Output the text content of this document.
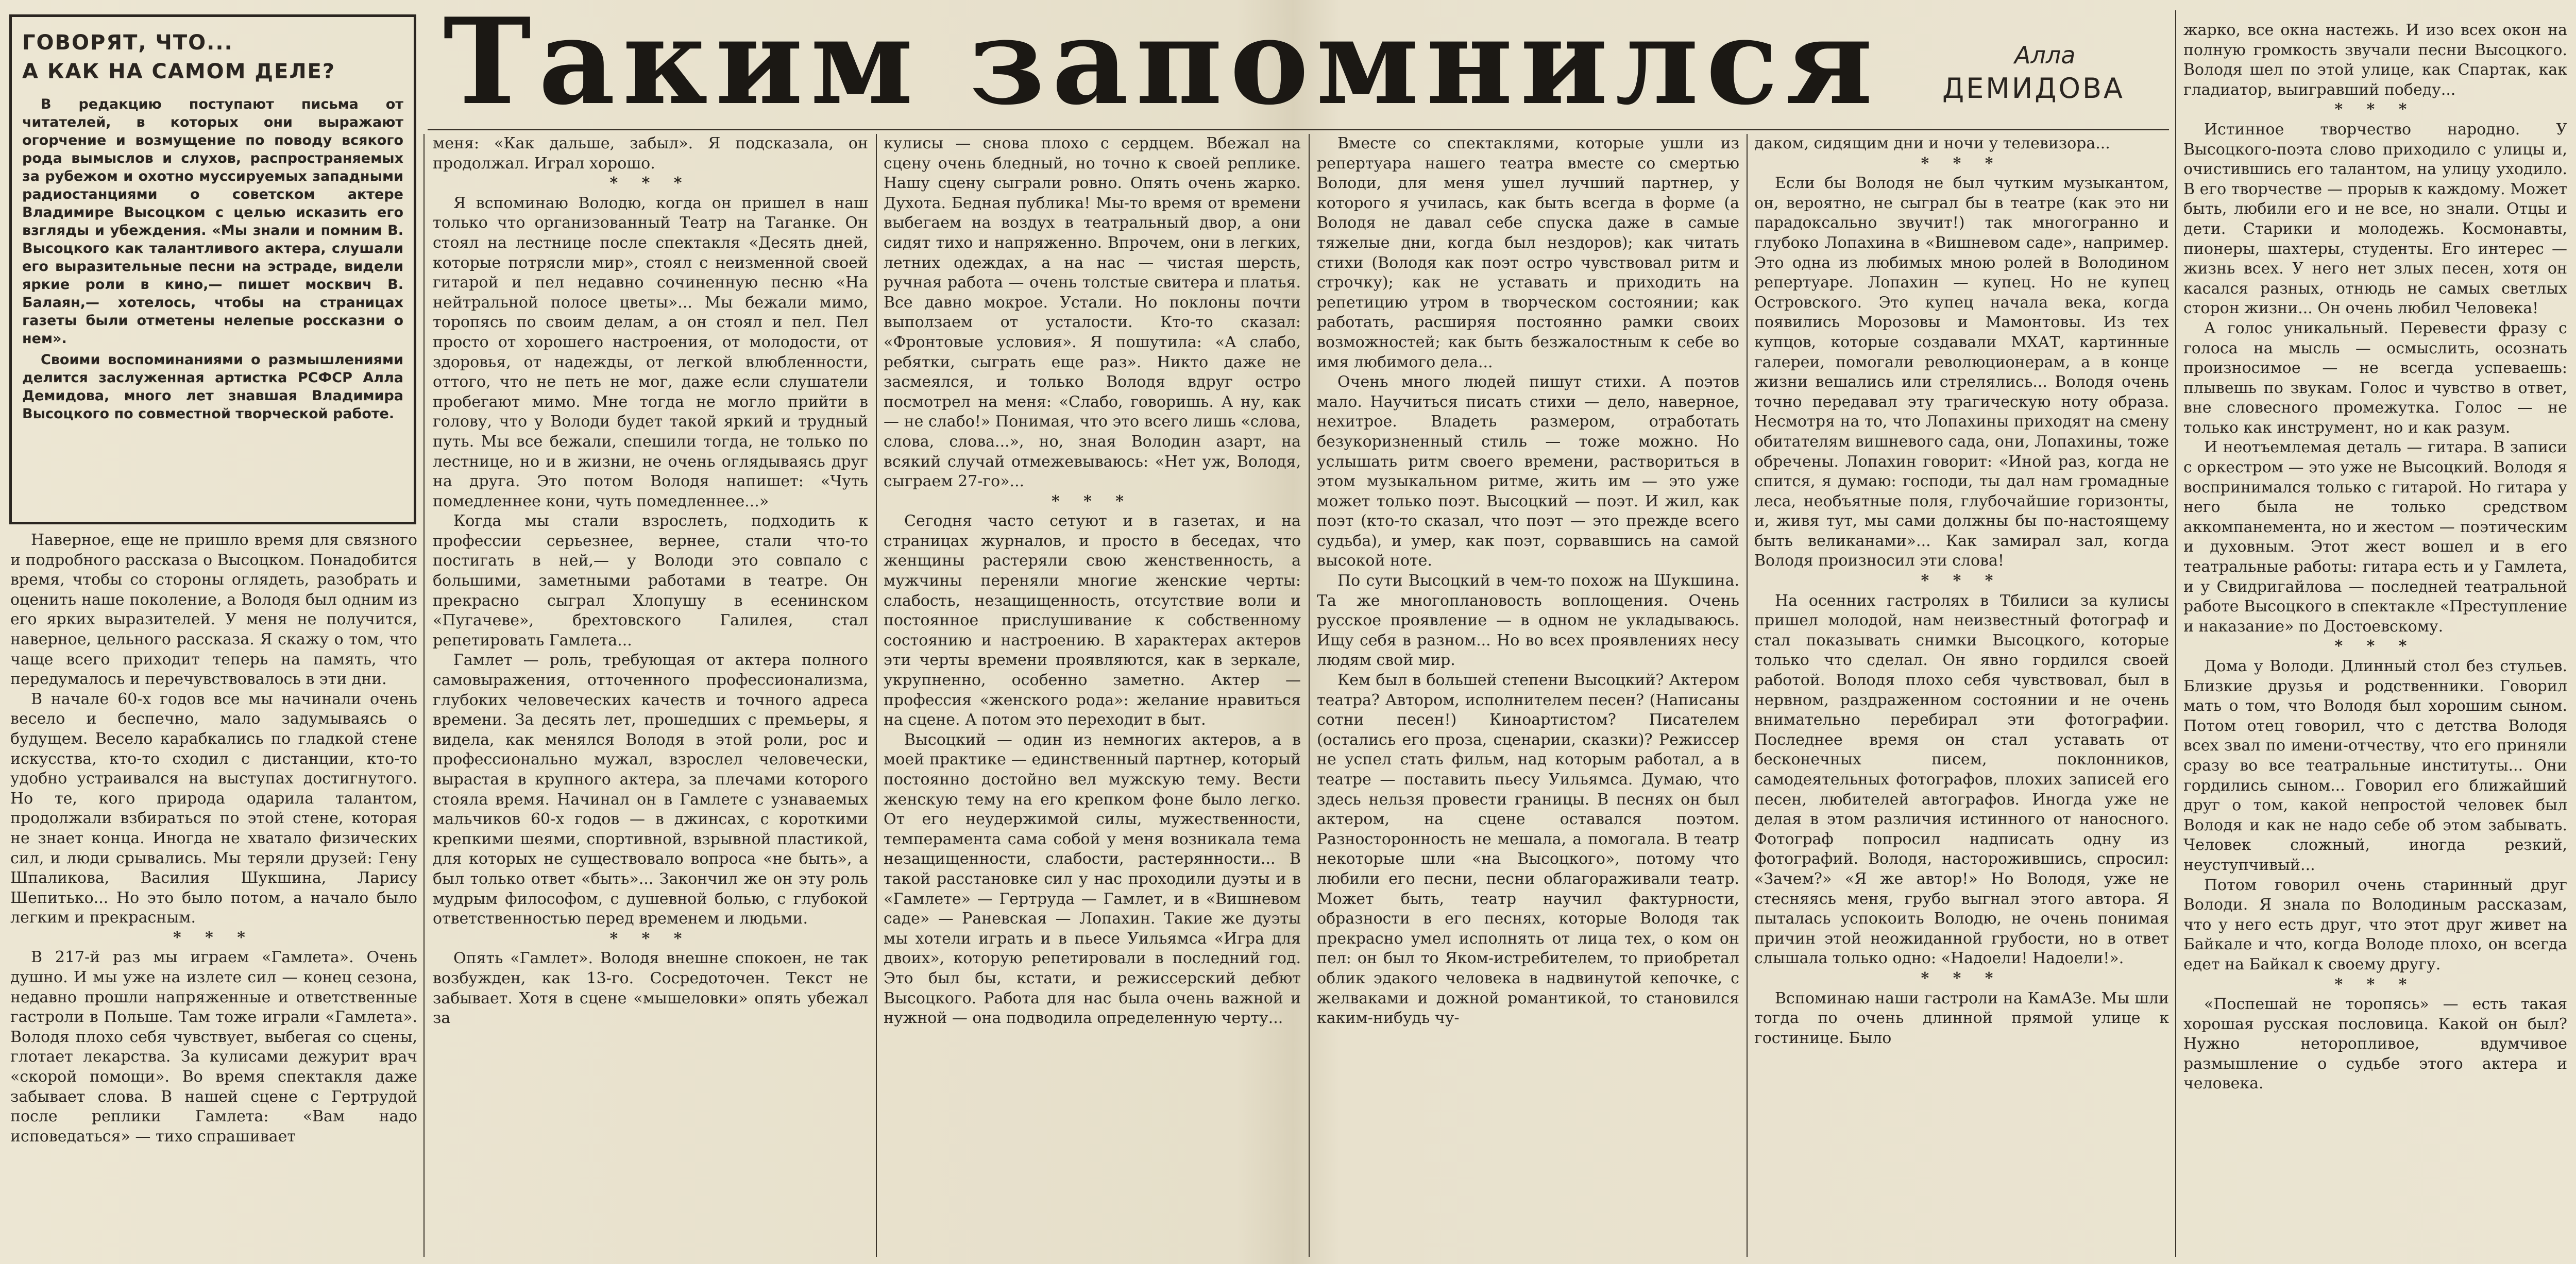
ГОВОРЯТ, ЧТО...
А КАК НА САМОМ ДЕЛЕ?

В редакцию поступают письма от читателей, в которых они выражают огорчение и возмущение по поводу всякого рода вымыслов и слухов, распространяемых за рубежом и охотно муссируемых западными радиостанциями о советском актере Владимире Высоцком с целью исказить его взгляды и убеждения. «Мы знали и помним В. Высоцкого как талантливого актера, слушали его выразительные песни на эстраде, видели яркие роли в кино,— пишет москвич В. Балаян,— хотелось, чтобы на страницах газеты были отметены нелепые россказни о нем».

Своими воспоминаниями о размышлениями делится заслуженная артистка РСФСР Алла Демидова, много лет знавшая Владимира Высоцкого по совместной творческой работе.

Таким запомнился	Алла
ДЕМИДОВА

Наверное, еще не пришло время для связного и подробного рассказа о Высоцком. Понадобится время, чтобы со стороны оглядеть, разобрать и оценить наше поколение, а Володя был одним из его ярких выразителей. У меня не получится, наверное, цельного рассказа. Я скажу о том, что чаще всего приходит теперь на память, что передумалось и перечувствовалось в эти дни.

В начале 60-х годов все мы начинали очень весело и беспечно, мало задумываясь о будущем. Весело карабкались по гладкой стене искусства, кто-то сходил с дистанции, кто-то удобно устраивался на выступах достигнутого. Но те, кого природа одарила талантом, продолжали взбираться по этой стене, которая не знает конца. Иногда не хватало физических сил, и люди срывались. Мы теряли друзей: Гену Шпаликова, Василия Шукшина, Ларису Шепитько... Но это было потом, а начало было легким и прекрасным.

* * *

В 217-й раз мы играем «Гамлета». Очень душно. И мы уже на излете сил — конец сезона, недавно прошли напряженные и ответственные гастроли в Польше. Там тоже играли «Гамлета». Володя плохо себя чувствует, выбегая со сцены, глотает лекарства. За кулисами дежурит врач «скорой помощи». Во время спектакля даже забывает слова. В нашей сцене с Гертрудой после реплики Гамлета: «Вам надо исповедаться» — тихо спрашивает

меня: «Как дальше, забыл». Я подсказала, он продолжал. Играл хорошо.

* * *

Я вспоминаю Володю, когда он пришел в наш только что организованный Театр на Таганке. Он стоял на лестнице после спектакля «Десять дней, которые потрясли мир», стоял с неизменной своей гитарой и пел недавно сочиненную песню «На нейтральной полосе цветы»... Мы бежали мимо, торопясь по своим делам, а он стоял и пел. Пел просто от хорошего настроения, от молодости, от здоровья, от надежды, от легкой влюбленности, оттого, что не петь не мог, даже если слушатели пробегают мимо. Мне тогда не могло прийти в голову, что у Володи будет такой яркий и трудный путь. Мы все бежали, спешили тогда, не только по лестнице, но и в жизни, не очень оглядываясь друг на друга. Это потом Володя напишет: «Чуть помедленнее кони, чуть помедленнее...»

Когда мы стали взрослеть, подходить к профессии серьезнее, вернее, стали что-то постигать в ней,— у Володи это совпало с большими, заметными работами в театре. Он прекрасно сыграл Хлопушу в есенинском «Пугачеве», брехтовского Галилея, стал репетировать Гамлета...

Гамлет — роль, требующая от актера полного самовыражения, отточенного профессионализма, глубоких человеческих качеств и точного адреса времени. За десять лет, прошедших с премьеры, я видела, как менялся Володя в этой роли, рос и профессионально мужал, взрослел человечески, вырастая в крупного актера, за плечами которого стояла время. Начинал он в Гамлете с узнаваемых мальчиков 60-х годов — в джинсах, с короткими крепкими шеями, спортивной, взрывной пластикой, для которых не существовало вопроса «не быть», а был только ответ «быть»... Закончил же он эту роль мудрым философом, с душевной болью, с глубокой ответственностью перед временем и людьми.

* * *

Опять «Гамлет». Володя внешне спокоен, не так возбужден, как 13-го. Сосредоточен. Текст не забывает. Хотя в сцене «мышеловки» опять убежал за

кулисы — снова плохо с сердцем. Вбежал на сцену очень бледный, но точно к своей реплике. Нашу сцену сыграли ровно. Опять очень жарко. Духота. Бедная публика! Мы-то время от времени выбегаем на воздух в театральный двор, а они сидят тихо и напряженно. Впрочем, они в легких, летних одеждах, а на нас — чистая шерсть, ручная работа — очень толстые свитера и платья. Все давно мокрое. Устали. Но поклоны почти выползаем от усталости. Кто-то сказал: «Фронтовые условия». Я пошутила: «А слабо, ребятки, сыграть еще раз». Никто даже не засмеялся, и только Володя вдруг остро посмотрел на меня: «Слабо, говоришь. А ну, как — не слабо!» Понимая, что это всего лишь «слова, слова, слова...», но, зная Володин азарт, на всякий случай отмежевываюсь: «Нет уж, Володя, сыграем 27-го»...

* * *

Сегодня часто сетуют и в газетах, и на страницах журналов, и просто в беседах, что женщины растеряли свою женственность, а мужчины переняли многие женские черты: слабость, незащищенность, отсутствие воли и постоянное прислушивание к собственному состоянию и настроению. В характерах актеров эти черты времени проявляются, как в зеркале, укрупненно, особенно заметно. Актер — профессия «женского рода»: желание нравиться на сцене. А потом это переходит в быт.

Высоцкий — один из немногих актеров, а в моей практике — единственный партнер, который постоянно достойно вел мужскую тему. Вести женскую тему на его крепком фоне было легко. От его неудержимой силы, мужественности, темперамента сама собой у меня возникала тема незащищенности, слабости, растерянности... В такой расстановке сил у нас проходили дуэты и в «Гамлете» — Гертруда — Гамлет, и в «Вишневом саде» — Раневская — Лопахин. Такие же дуэты мы хотели играть и в пьесе Уильямса «Игра для двоих», которую репетировали в последний год. Это был бы, кстати, и режиссерский дебют Высоцкого. Работа для нас была очень важной и нужной — она подводила определенную черту...

Вместе со спектаклями, которые ушли из репертуара нашего театра вместе со смертью Володи, для меня ушел лучший партнер, у которого я училась, как быть всегда в форме (а Володя не давал себе спуска даже в самые тяжелые дни, когда был нездоров); как читать стихи (Володя как поэт остро чувствовал ритм и строчку); как не уставать и приходить на репетицию утром в творческом состоянии; как работать, расширяя постоянно рамки своих возможностей; как быть безжалостным к себе во имя любимого дела...

Очень много людей пишут стихи. А поэтов мало. Научиться писать стихи — дело, наверное, нехитрое. Владеть размером, отработать безукоризненный стиль — тоже можно. Но услышать ритм своего времени, раствориться в этом музыкальном ритме, жить им — это уже может только поэт. Высоцкий — поэт. И жил, как поэт (кто-то сказал, что поэт — это прежде всего судьба), и умер, как поэт, сорвавшись на самой высокой ноте.

По сути Высоцкий в чем-то похож на Шукшина. Та же многоплановость воплощения. Очень русское проявление — в одном не укладываюсь. Ищу себя в разном... Но во всех проявлениях несу людям свой мир.

Кем был в большей степени Высоцкий? Актером театра? Автором, исполнителем песен? (Написаны сотни песен!) Киноартистом? Писателем (остались его проза, сценарии, сказки)? Режиссер не успел стать фильм, над которым работал, а в театре — поставить пьесу Уильямса. Думаю, что здесь нельзя провести границы. В песнях он был актером, на сцене оставался поэтом. Разносторонность не мешала, а помогала. В театр некоторые шли «на Высоцкого», потому что любили его песни, песни облагораживали театр. Может быть, театр научил фактурности, образности в его песнях, которые Володя так прекрасно умел исполнять от лица тех, о ком он пел: он был то Яком-истребителем, то приобретал облик эдакого человека в надвинутой кепочке, с желваками и дожной романтикой, то становился каким-нибудь чу-

даком, сидящим дни и ночи у телевизора...

* * *

Если бы Володя не был чутким музыкантом, он, вероятно, не сыграл бы в театре (как это ни парадоксально звучит!) так многогранно и глубоко Лопахина в «Вишневом саде», например. Это одна из любимых мною ролей в Володином репертуаре. Лопахин — купец. Но не купец Островского. Это купец начала века, когда появились Морозовы и Мамонтовы. Из тех купцов, которые создавали МХАТ, картинные галереи, помогали революционерам, а в конце жизни вешались или стрелялись... Володя очень точно передавал эту трагическую ноту образа. Несмотря на то, что Лопахины приходят на смену обитателям вишневого сада, они, Лопахины, тоже обречены. Лопахин говорит: «Иной раз, когда не спится, я думаю: господи, ты дал нам громадные леса, необъятные поля, глубочайшие горизонты, и, живя тут, мы сами должны бы по-настоящему быть великанами»... Как замирал зал, когда Володя произносил эти слова!

* * *

На осенних гастролях в Тбилиси за кулисы пришел молодой, нам неизвестный фотограф и стал показывать снимки Высоцкого, которые только что сделал. Он явно гордился своей работой. Володя плохо себя чувствовал, был в нервном, раздраженном состоянии и не очень внимательно перебирал эти фотографии. Последнее время он стал уставать от бесконечных писем, поклонников, самодеятельных фотографов, плохих записей его песен, любителей автографов. Иногда уже не делая в этом различия истинного от наносного. Фотограф попросил надписать одну из фотографий. Володя, насторожившись, спросил: «Зачем?» «Я же автор!» Но Володя, уже не стесняясь меня, грубо выгнал этого автора. Я пыталась успокоить Володю, не очень понимая причин этой неожиданной грубости, но в ответ слышала только одно: «Надоели! Надоели!».

* * *

Вспоминаю наши гастроли на КамАЗе. Мы шли тогда по очень длинной прямой улице к гостинице. Было

жарко, все окна настежь. И изо всех окон на полную громкость звучали песни Высоцкого. Володя шел по этой улице, как Спартак, как гладиатор, выигравший победу...

* * *

Истинное творчество народно. У Высоцкого-поэта слово приходило с улицы и, очистившись его талантом, на улицу уходило. В его творчестве — прорыв к каждому. Может быть, любили его и не все, но знали. Отцы и дети. Старики и молодежь. Космонавты, пионеры, шахтеры, студенты. Его интерес — жизнь всех. У него нет злых песен, хотя он касался разных, отнюдь не самых светлых сторон жизни... Он очень любил Человека!

А голос уникальный. Перевести фразу с голоса на мысль — осмыслить, осознать произносимое — не всегда успеваешь: плывешь по звукам. Голос и чувство в ответ, вне словесного промежутка. Голос — не только как инструмент, но и как разум.

И неотъемлемая деталь — гитара. В записи с оркестром — это уже не Высоцкий. Володя я воспринимался только с гитарой. Но гитара у него была не только средством аккомпанемента, но и жестом — поэтическим и духовным. Этот жест вошел и в его театральные работы: гитара есть и у Гамлета, и у Свидригайлова — последней театральной работе Высоцкого в спектакле «Преступление и наказание» по Достоевскому.

* * *

Дома у Володи. Длинный стол без стульев. Близкие друзья и родственники. Говорил мать о том, что Володя был хорошим сыном. Потом отец говорил, что с детства Володя всех звал по имени-отчеству, что его приняли сразу во все театральные институты... Они гордились сыном... Говорил его ближайший друг о том, какой непростой человек был Володя и как не надо себе об этом забывать. Человек сложный, иногда резкий, неуступчивый...

Потом говорил очень старинный друг Володи. Я знала по Володиным рассказам, что у него есть друг, что этот друг живет на Байкале и что, когда Володе плохо, он всегда едет на Байкал к своему другу.

* * *

«Поспешай не торопясь» — есть такая хорошая русская пословица. Какой он был? Нужно неторопливое, вдумчивое размышление о судьбе этого актера и человека.
